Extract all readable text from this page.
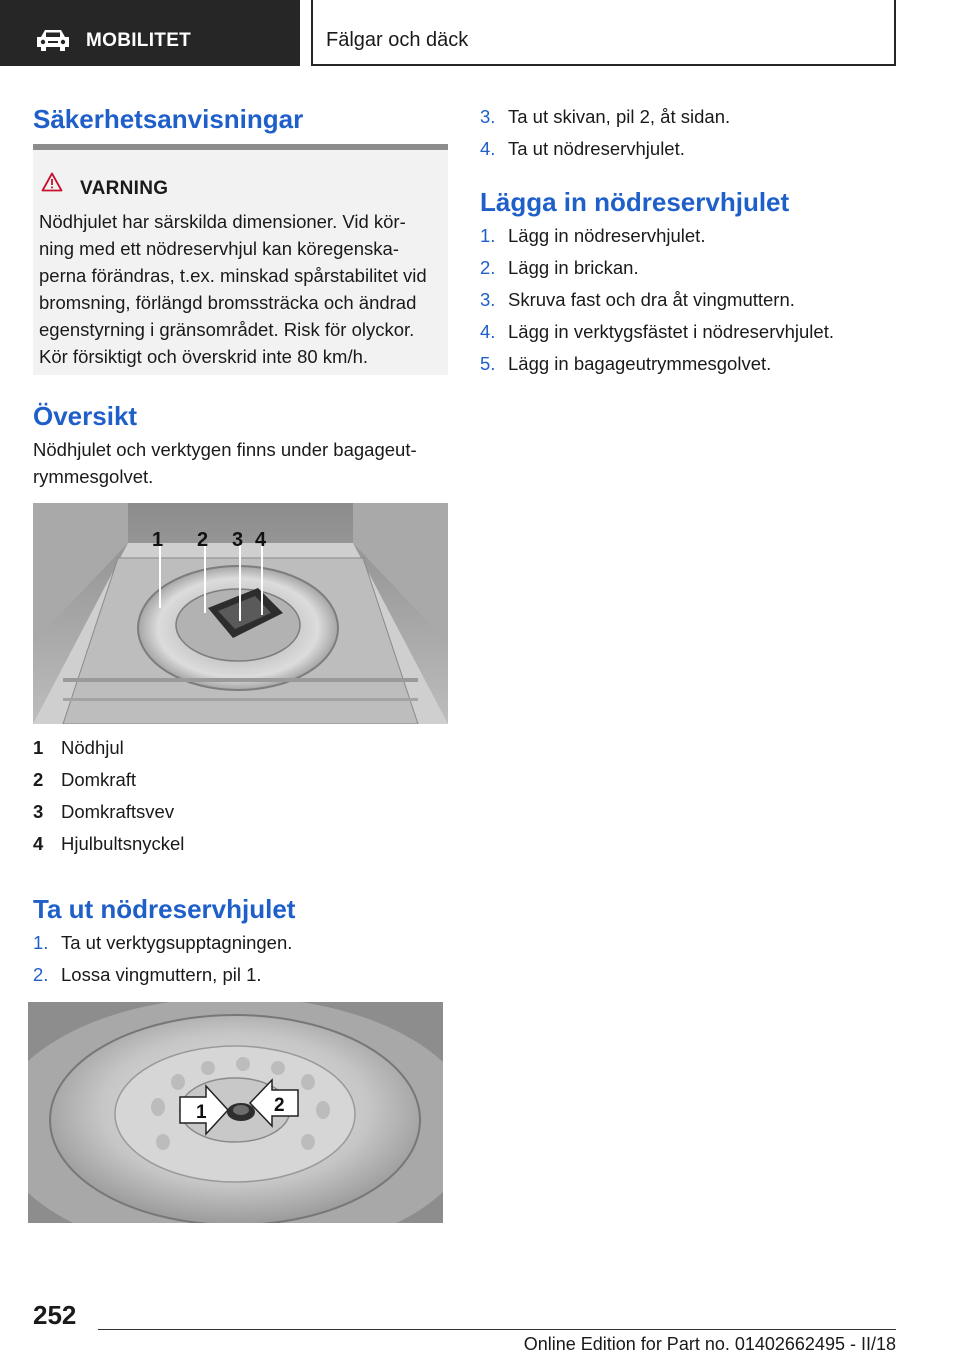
MOBILITET	Fälgar och däck
Säkerhetsanvisningar
VARNING
Nödhjulet har särskilda dimensioner. Vid kör-
ning med ett nödreservhjul kan köregenska-
perna förändras, t.ex. minskad spårstabilitet vid
bromsning, förlängd bromssträcka och ändrad
egenstyrning i gränsområdet. Risk för olyckor.
Kör försiktigt och överskrid inte 80 km/h.
Översikt
Nödhjulet och verktygen finns under bagageut-
rymmesgolvet.
1 2 3 4
1 Nödhjul
2 Domkraft
3 Domkraftsvev
4 Hjulbultsnyckel
Ta ut nödreservhjulet
1. Ta ut verktygsupptagningen.
2. Lossa vingmuttern, pil 1.
1	2
3. Ta ut skivan, pil 2, åt sidan.
4. Ta ut nödreservhjulet.
Lägga in nödreservhjulet
1. Lägg in nödreservhjulet.
2. Lägg in brickan.
3. Skruva fast och dra åt vingmuttern.
4. Lägg in verktygsfästet i nödreservhjulet.
5. Lägg in bagageutrymmesgolvet.
252
Online Edition for Part no. 01402662495 - II/18
